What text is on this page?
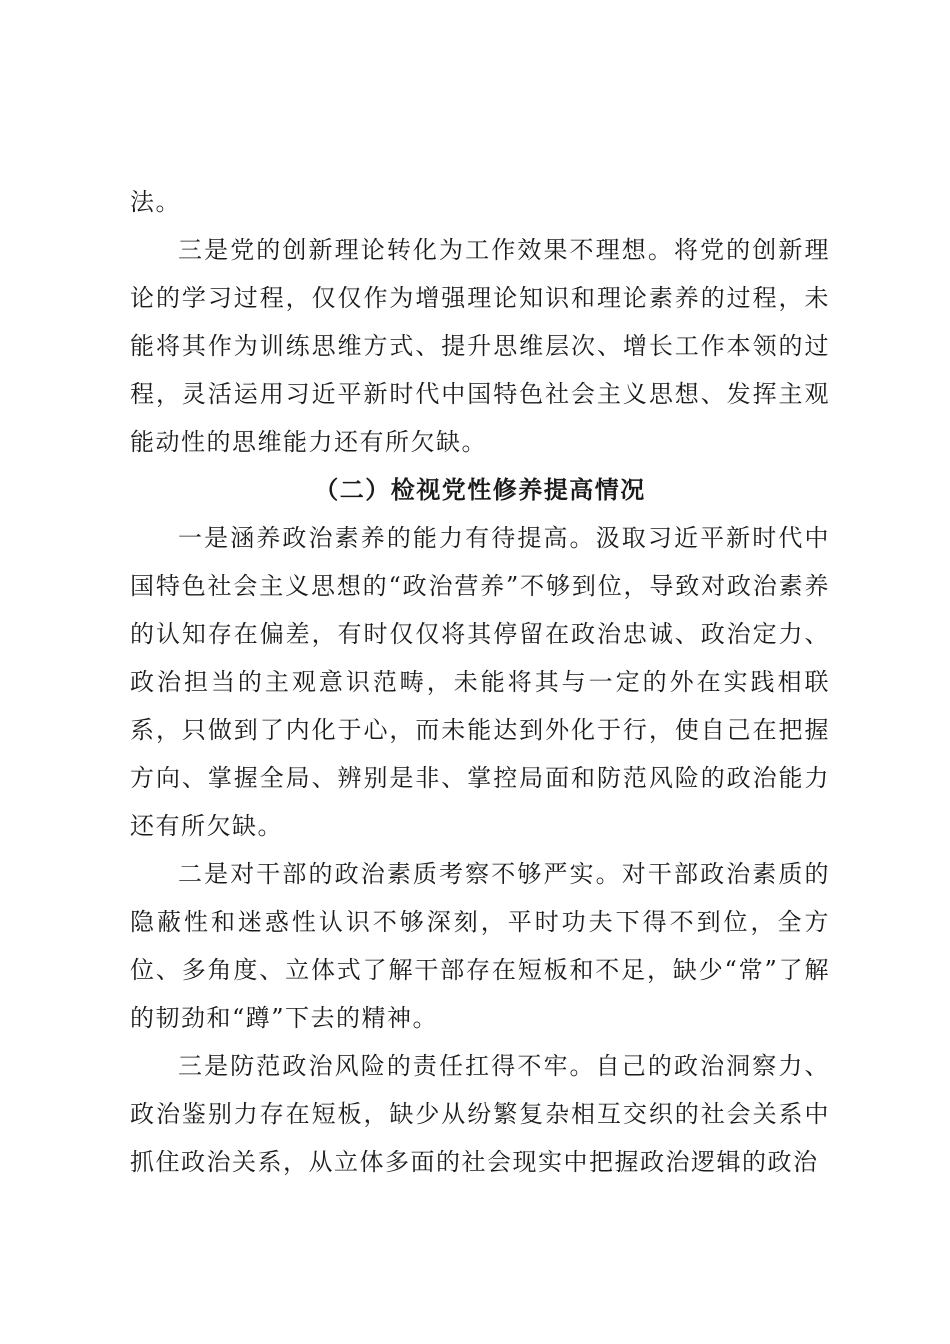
法。

三是党的创新理论转化为工作效果不理想。将党的创新理论的学习过程，仅仅作为增强理论知识和理论素养的过程，未能将其作为训练思维方式、提升思维层次、增长工作本领的过程，灵活运用习近平新时代中国特色社会主义思想、发挥主观能动性的思维能力还有所欠缺。

（二）检视党性修养提高情况

一是涵养政治素养的能力有待提高。汲取习近平新时代中国特色社会主义思想的“政治营养”不够到位，导致对政治素养的认知存在偏差，有时仅仅将其停留在政治忠诚、政治定力、政治担当的主观意识范畴，未能将其与一定的外在实践相联系，只做到了内化于心，而未能达到外化于行，使自己在把握方向、掌握全局、辨别是非、掌控局面和防范风险的政治能力还有所欠缺。

二是对干部的政治素质考察不够严实。对干部政治素质的隐蔽性和迷惑性认识不够深刻，平时功夫下得不到位，全方位、多角度、立体式了解干部存在短板和不足，缺少“常”了解的韧劲和“蹲”下去的精神。

三是防范政治风险的责任扛得不牢。自己的政治洞察力、政治鉴别力存在短板，缺少从纷繁复杂相互交织的社会关系中抓住政治关系，从立体多面的社会现实中把握政治逻辑的政治
